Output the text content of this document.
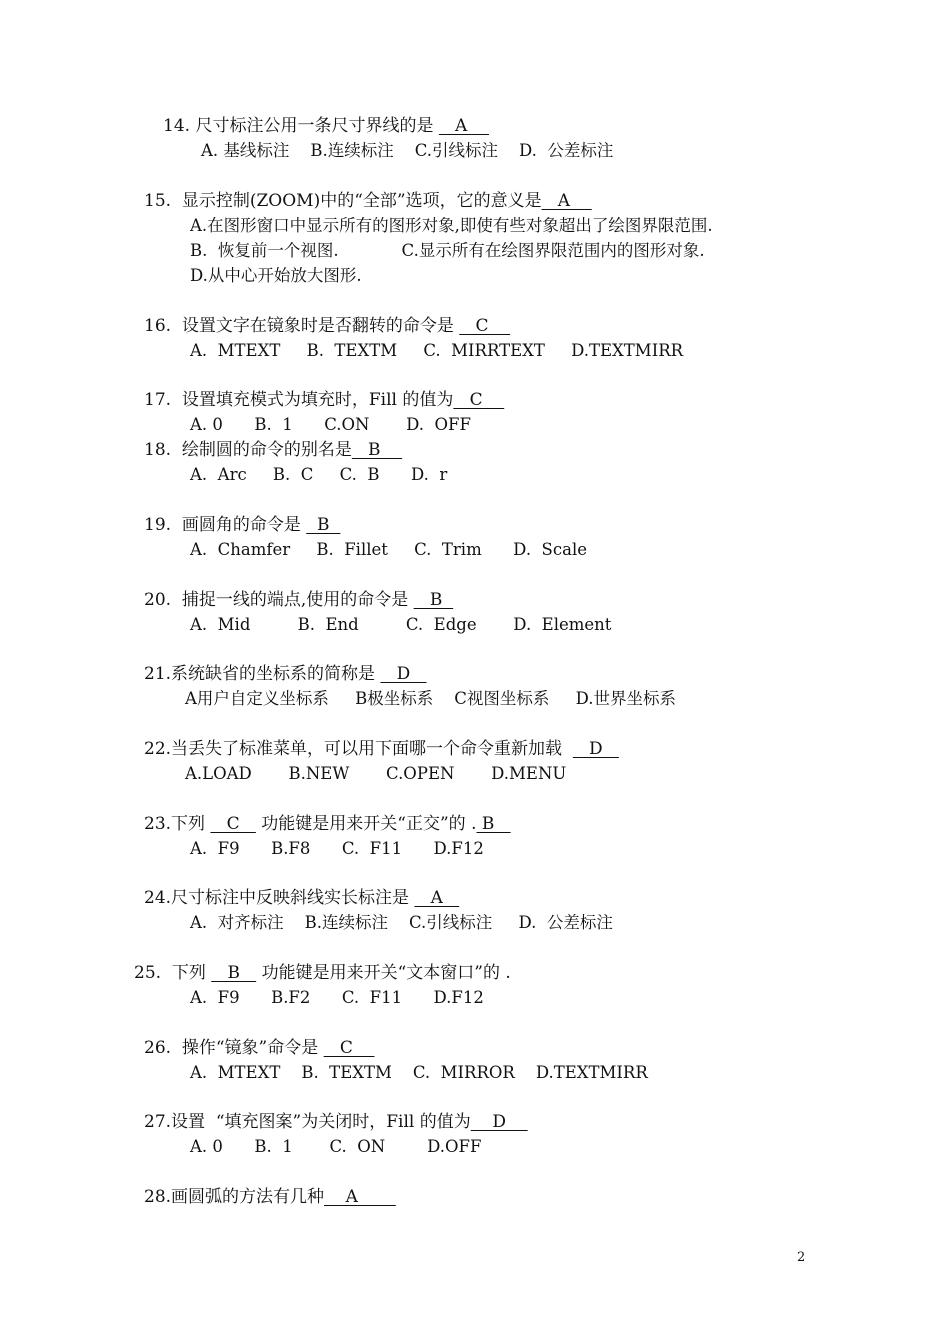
14. 尺寸标注公用一条尺寸界线的是    A
A. 基线标注    B.连续标注    C.引线标注    D.  公差标注
15.  显示控制(ZOOM)中的“全部”选项，它的意义是   A
A.在图形窗口中显示所有的图形对象,即使有些对象超出了绘图界限范围.
B.  恢复前一个视图.            C.显示所有在绘图界限范围内的图形对象.
D.从中心开始放大图形.
16.  设置文字在镜象时是否翻转的命令是    C
A.  MTEXT     B.  TEXTM     C.  MIRRTEXT     D.TEXTMIRR
17.  设置填充模式为填充时，Fill 的值为   C
A. 0      B.  1      C.ON       D.  OFF
18.  绘制圆的命令的别名是   B
A.  Arc     B.  C     C.  B      D.  r
19.  画圆角的命令是   B
A.  Chamfer     B.  Fillet     C.  Trim      D.  Scale
20.  捕捉一线的端点,使用的命令是    B
A.  Mid         B.  End         C.  Edge       D.  Element
21.系统缺省的坐标系的简称是    D
A用户自定义坐标系     B极坐标系    C视图坐标系     D.世界坐标系
22.当丢失了标准菜单，可以用下面哪一个命令重新加载     D
A.LOAD       B.NEW       C.OPEN       D.MENU
23.下列    C    功能键是用来开关“正交”的 . B
A.  F9      B.F8      C.  F11      D.F12
24.尺寸标注中反映斜线实长标注是    A
A.  对齐标注    B.连续标注    C.引线标注     D.  公差标注
25.  下列    B    功能键是用来开关“文本窗口”的 .
A.  F9      B.F2      C.  F11      D.F12
26.  操作“镜象”命令是    C
A.  MTEXT    B.  TEXTM    C.  MIRROR    D.TEXTMIRR
27.设置  “填充图案”为关闭时，Fill 的值为    D
A. 0      B.  1       C.  ON        D.OFF
28.画圆弧的方法有几种    A
2
